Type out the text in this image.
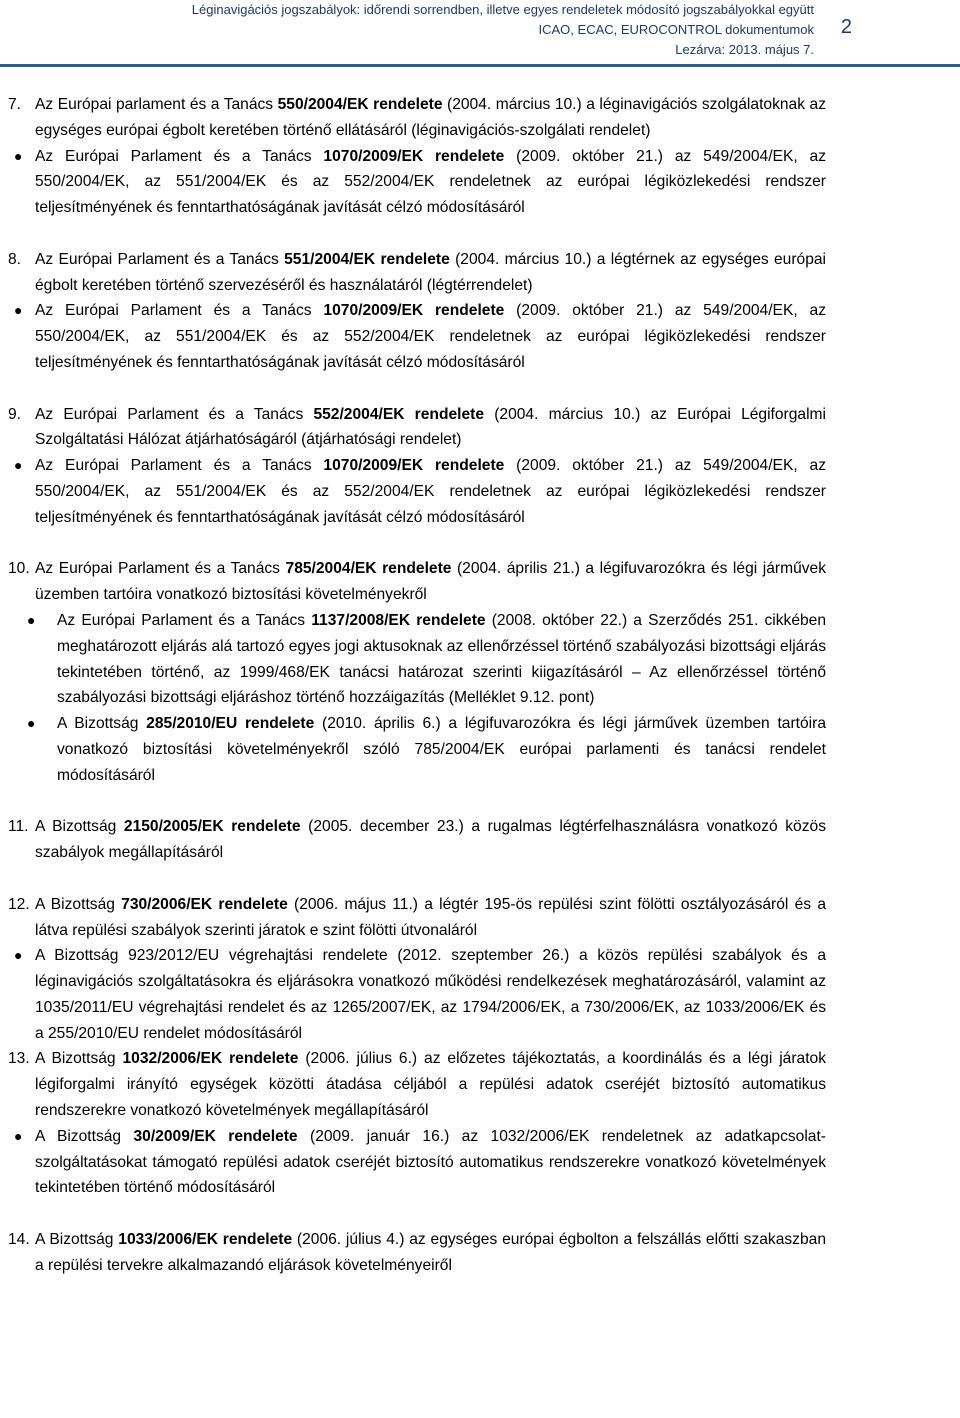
Léginavigációs jogszabályok: időrendi sorrendben, illetve egyes rendeletek módosító jogszabályokkal együtt
ICAO, ECAC, EUROCONTROL dokumentumok
Lezárva: 2013. május 7.
2
7. Az Európai parlament és a Tanács 550/2004/EK rendelete (2004. március 10.) a léginavigációs szolgálatoknak az egységes európai égbolt keretében történő ellátásáról (léginavigációs-szolgálati rendelet)
● Az Európai Parlament és a Tanács 1070/2009/EK rendelete (2009. október 21.) az 549/2004/EK, az 550/2004/EK, az 551/2004/EK és az 552/2004/EK rendeletnek az európai légiközlekedési rendszer teljesítményének és fenntarthatóságának javítását célzó módosításáról
8. Az Európai Parlament és a Tanács 551/2004/EK rendelete (2004. március 10.) a légtérnek az egységes európai égbolt keretében történő szervezéséről és használatáról (légtérrendelet)
● Az Európai Parlament és a Tanács 1070/2009/EK rendelete (2009. október 21.) az 549/2004/EK, az 550/2004/EK, az 551/2004/EK és az 552/2004/EK rendeletnek az európai légiközlekedési rendszer teljesítményének és fenntarthatóságának javítását célzó módosításáról
9. Az Európai Parlament és a Tanács 552/2004/EK rendelete (2004. március 10.) az Európai Légiforgalmi Szolgáltatási Hálózat átjárhatóságáról (átjárhatósági rendelet)
● Az Európai Parlament és a Tanács 1070/2009/EK rendelete (2009. október 21.) az 549/2004/EK, az 550/2004/EK, az 551/2004/EK és az 552/2004/EK rendeletnek az európai légiközlekedési rendszer teljesítményének és fenntarthatóságának javítását célzó módosításáról
10. Az Európai Parlament és a Tanács 785/2004/EK rendelete (2004. április 21.) a légifuvarozókra és légi járművek üzemben tartóira vonatkozó biztosítási követelményekről
●	Az Európai Parlament és a Tanács 1137/2008/EK rendelete (2008. október 22.) a Szerződés 251. cikkében meghatározott eljárás alá tartozó egyes jogi aktusoknak az ellenőrzéssel történő szabályozási bizottsági eljárás tekintetében történő, az 1999/468/EK tanácsi határozat szerinti kiigazításáról – Az ellenőrzéssel történő szabályozási bizottsági eljáráshoz történő hozzáigazítás (Melléklet 9.12. pont)
●	A Bizottság 285/2010/EU rendelete (2010. április 6.) a légifuvarozókra és légi járművek üzemben tartóira vonatkozó biztosítási követelményekről szóló 785/2004/EK európai parlamenti és tanácsi rendelet módosításáról
11. A Bizottság 2150/2005/EK rendelete (2005. december 23.) a rugalmas légtérfelhasználásra vonatkozó közös szabályok megállapításáról
12. A Bizottság 730/2006/EK rendelete (2006. május 11.) a légtér 195-ös repülési szint fölötti osztályozásáról és a látva repülési szabályok szerinti járatok e szint fölötti útvonaláról
● A Bizottság 923/2012/EU végrehajtási rendelete (2012. szeptember 26.) a közös repülési szabályok és a léginavigációs szolgáltatásokra és eljárásokra vonatkozó működési rendelkezések meghatározásáról, valamint az 1035/2011/EU végrehajtási rendelet és az 1265/2007/EK, az 1794/2006/EK, a 730/2006/EK, az 1033/2006/EK és a 255/2010/EU rendelet módosításáról
13. A Bizottság 1032/2006/EK rendelete (2006. július 6.) az előzetes tájékoztatás, a koordinálás és a légi járatok légiforgalmi irányító egységek közötti átadása céljából a repülési adatok cseréjét biztosító automatikus rendszerekre vonatkozó követelmények megállapításáról
● A Bizottság 30/2009/EK rendelete (2009. január 16.) az 1032/2006/EK rendeletnek az adatkapcsolat-szolgáltatásokat támogató repülési adatok cseréjét biztosító automatikus rendszerekre vonatkozó követelmények tekintetében történő módosításáról
14. A Bizottság 1033/2006/EK rendelete (2006. július 4.) az egységes európai égbolton a felszállás előtti szakaszban a repülési tervekre alkalmazandó eljárások követelményeiről
